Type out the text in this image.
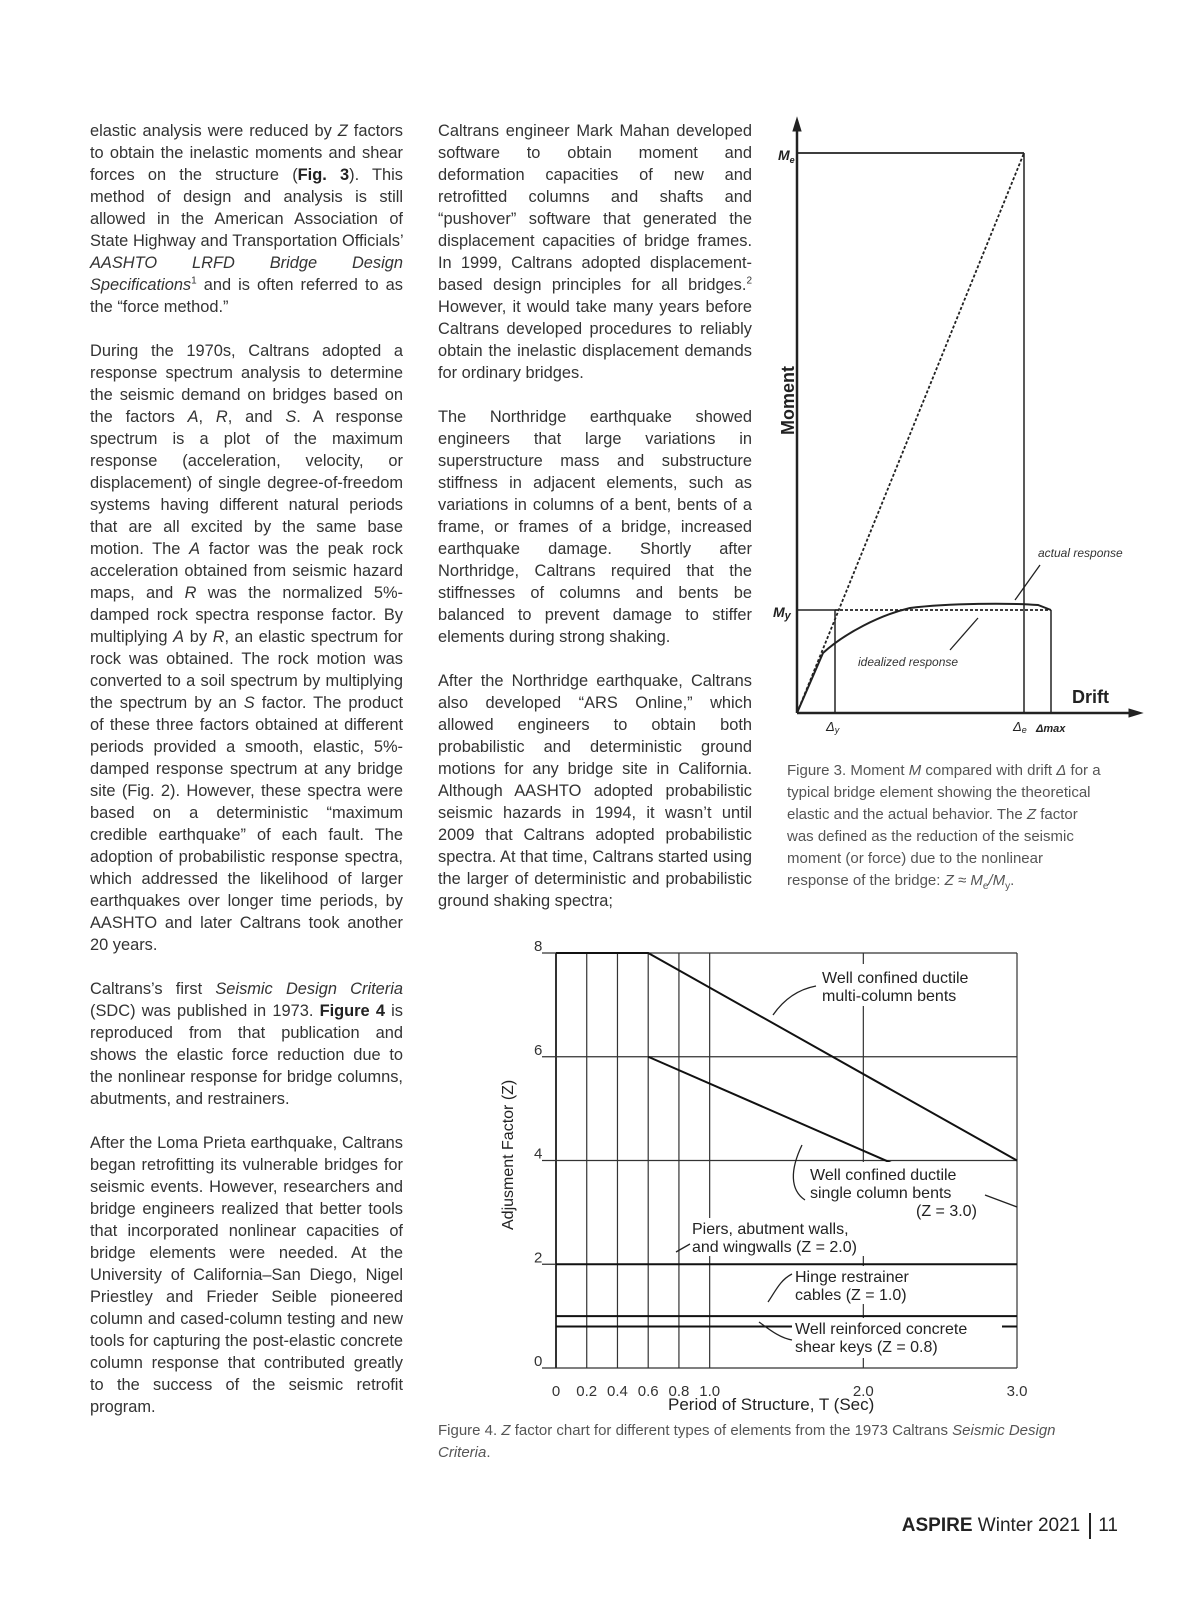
elastic analysis were reduced by Z factors to obtain the inelastic moments and shear forces on the structure (Fig. 3). This method of design and analysis is still allowed in the American Association of State Highway and Transportation Officials’ AASHTO LRFD Bridge Design Specifications$^1$ and is often referred to as the “force method.”

During the 1970s, Caltrans adopted a response spectrum analysis to determine the seismic demand on bridges based on the factors A, R, and S. A response spectrum is a plot of the maximum response (acceleration, velocity, or displacement) of single degree-of-freedom systems having different natural periods that are all excited by the same base motion. The A factor was the peak rock acceleration obtained from seismic hazard maps, and R was the normalized 5%-damped rock spectra response factor. By multiplying A by R, an elastic spectrum for rock was obtained. The rock motion was converted to a soil spectrum by multiplying the spectrum by an S factor. The product of these three factors obtained at different periods provided a smooth, elastic, 5%-damped response spectrum at any bridge site (Fig. 2). However, these spectra were based on a deterministic “maximum credible earthquake” of each fault. The adoption of probabilistic response spectra, which addressed the likelihood of larger earthquakes over longer time periods, by AASHTO and later Caltrans took another 20 years.

Caltrans’s first Seismic Design Criteria (SDC) was published in 1973. Figure 4 is reproduced from that publication and shows the elastic force reduction due to the nonlinear response for bridge columns, abutments, and restrainers.

After the Loma Prieta earthquake, Caltrans began retrofitting its vulnerable bridges for seismic events. However, researchers and bridge engineers realized that better tools that incorporated nonlinear capacities of bridge elements were needed. At the University of California–San Diego, Nigel Priestley and Frieder Seible pioneered column and cased-column testing and new tools for capturing the post-elastic concrete column response that contributed greatly to the success of the seismic retrofit program.

Caltrans engineer Mark Mahan developed software to obtain moment and deformation capacities of new and retrofitted columns and shafts and “pushover” software that generated the displacement capacities of bridge frames. In 1999, Caltrans adopted displacement-based design principles for all bridges.$^2$ However, it would take many years before Caltrans developed procedures to reliably obtain the inelastic displacement demands for ordinary bridges.

The Northridge earthquake showed engineers that large variations in superstructure mass and substructure stiffness in adjacent elements, such as variations in columns of a bent, bents of a frame, or frames of a bridge, increased earthquake damage. Shortly after Northridge, Caltrans required that the stiffnesses of columns and bents be balanced to prevent damage to stiffer elements during strong shaking.

After the Northridge earthquake, Caltrans also developed “ARS Online,” which allowed engineers to obtain both probabilistic and deterministic ground motions for any bridge site in California. Although AASHTO adopted probabilistic seismic hazards in 1994, it wasn’t until 2009 that Caltrans adopted probabilistic spectra. At that time, Caltrans started using the larger of deterministic and probabilistic ground shaking spectra;

$M_e$
My
Moment
Drift
actual response
idealized response
Δy	Δe Δmax
Figure 3. Moment M compared with drift Δ for a typical bridge element showing the theoretical elastic and the actual behavior. The Z factor was defined as the reduction of the seismic moment (or force) due to the nonlinear response of the bridge: $Z \approx M_e/M_y$.
0 0.2 0.4 0.6 0.8 1.0	2.0	3.0
0
2
4
6
8
Adjusment Factor (Z)
Period of Structure, T (Sec)
Well confined ductile
multi-column bents
Well confined ductile
single column bents
(Z = 3.0)
Piers, abutment walls,
and wingwalls (Z = 2.0)
Hinge restrainer
cables (Z = 1.0)
Well reinforced concrete
shear keys (Z = 0.8)
Figure 4. Z factor chart for different types of elements from the 1973 Caltrans Seismic Design Criteria.
ASPIRE Winter 2021 11
